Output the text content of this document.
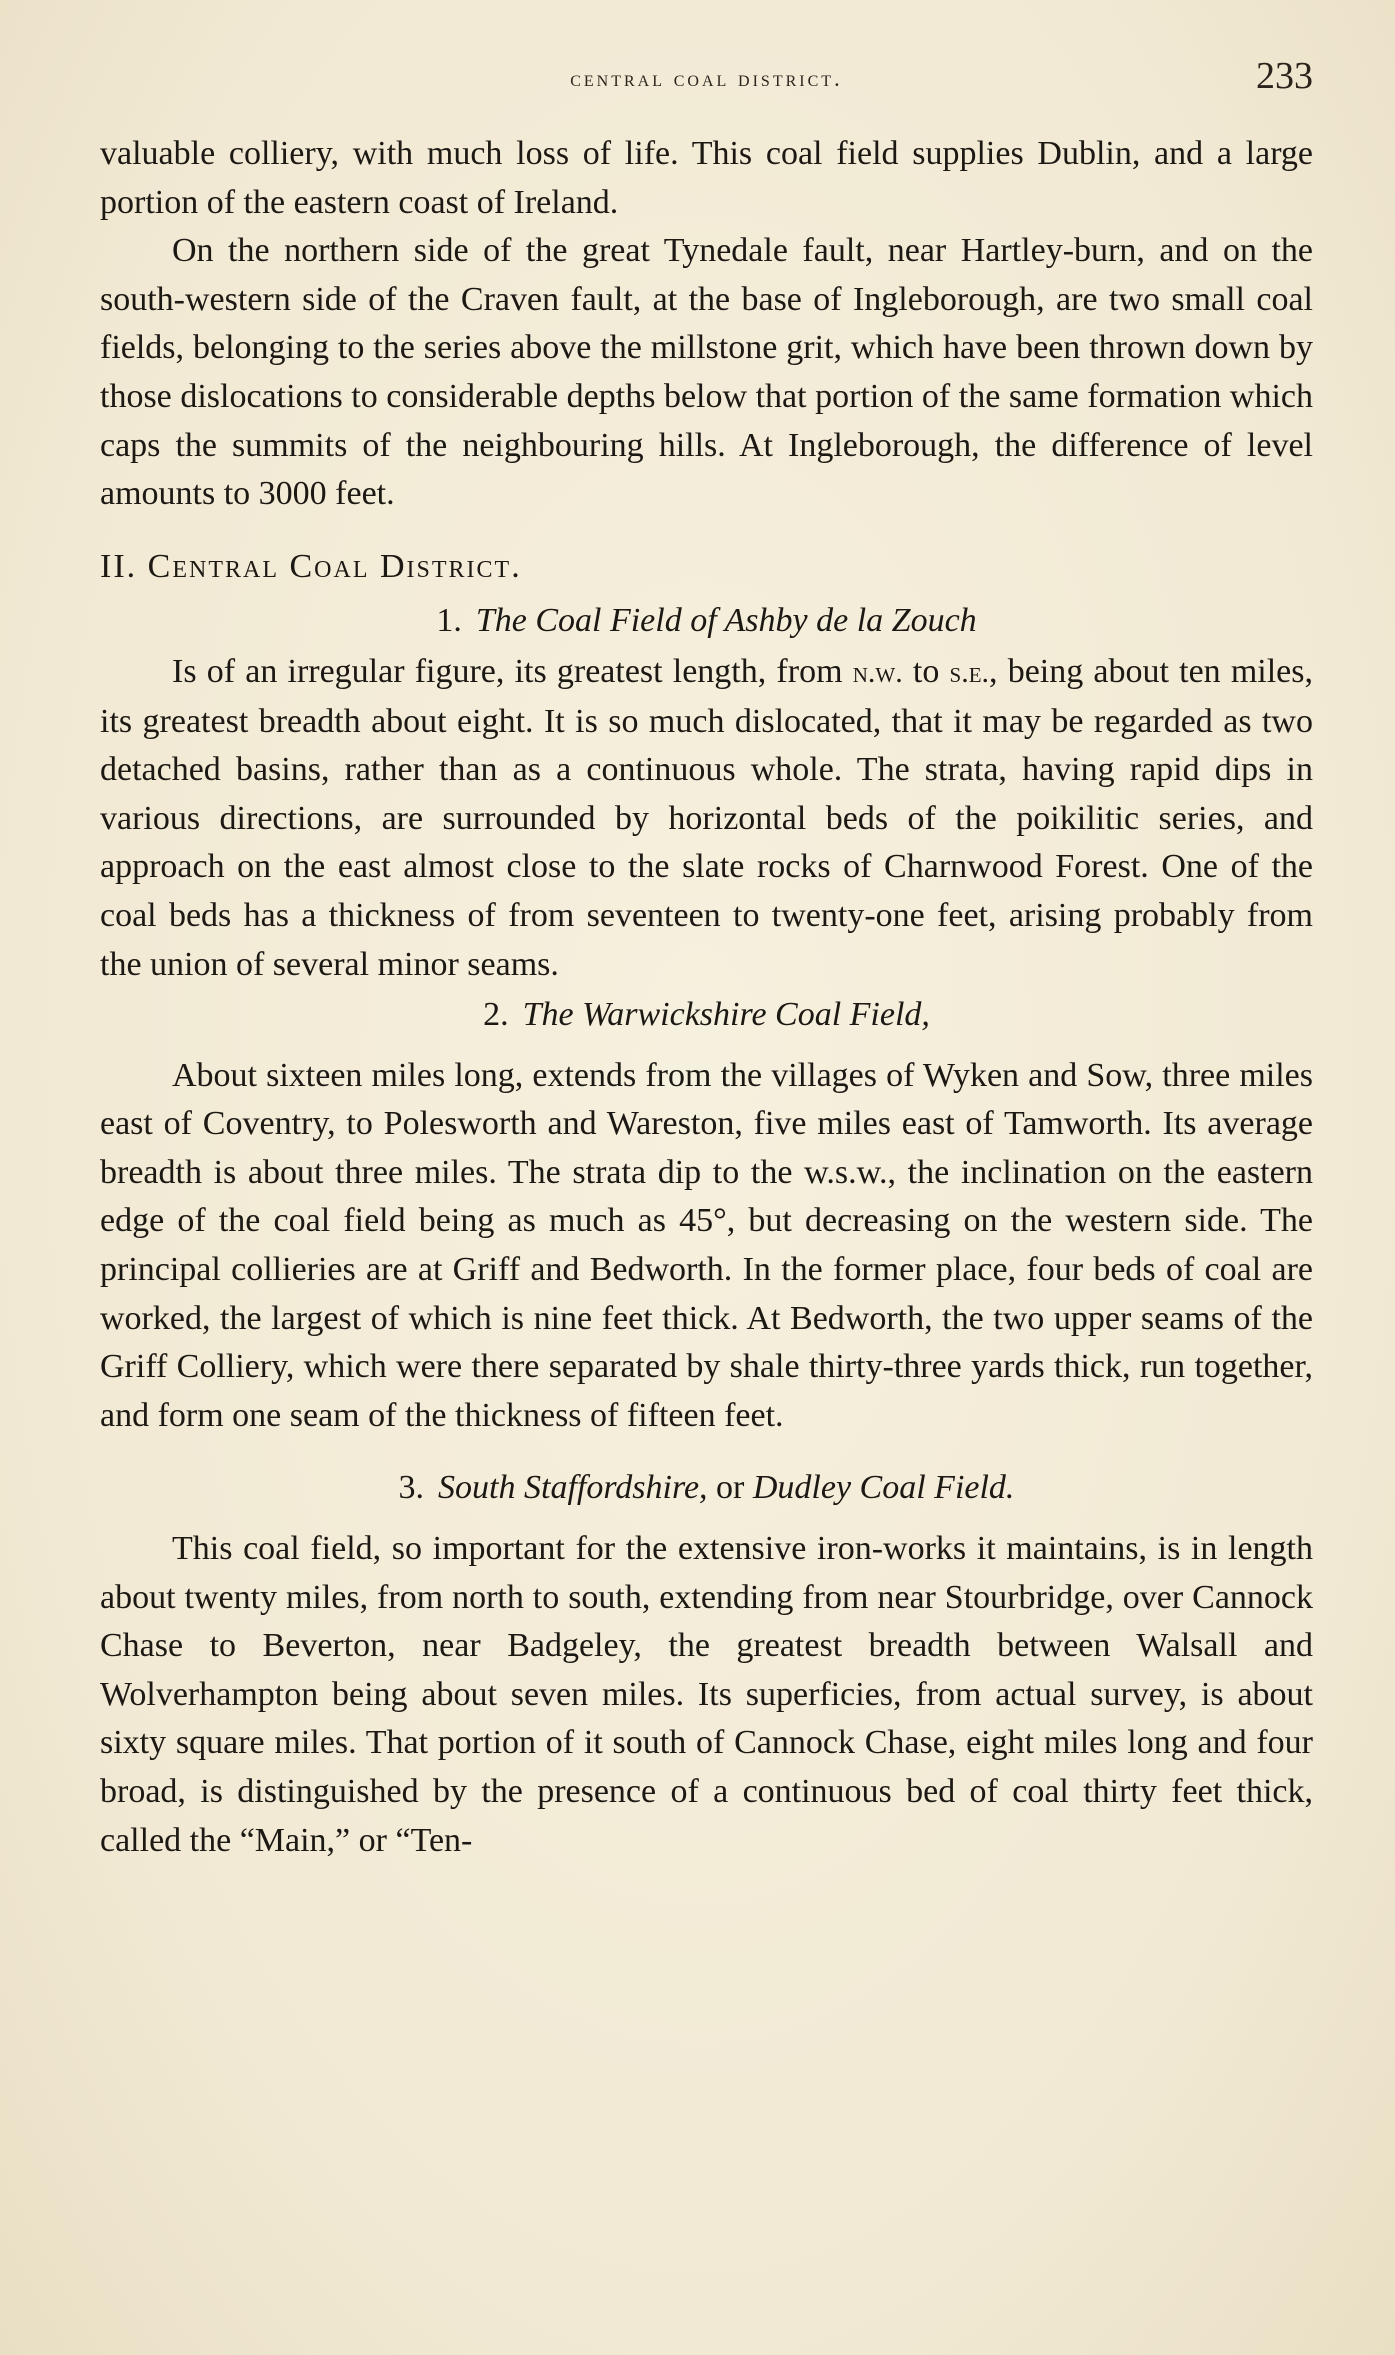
central coal district.	233

valuable colliery, with much loss of life. This coal field supplies Dublin, and a large portion of the eastern coast of Ireland.

On the northern side of the great Tynedale fault, near Hartley-burn, and on the south-western side of the Craven fault, at the base of Ingleborough, are two small coal fields, belonging to the series above the millstone grit, which have been thrown down by those dislocations to considerable depths below that portion of the same formation which caps the summits of the neighbouring hills. At Ingleborough, the difference of level amounts to 3000 feet.

II. Central Coal District.

1. The Coal Field of Ashby de la Zouch

Is of an irregular figure, its greatest length, from n.w. to s.e., being about ten miles, its greatest breadth about eight. It is so much dislocated, that it may be regarded as two detached basins, rather than as a continuous whole. The strata, having rapid dips in various directions, are surrounded by horizontal beds of the poikilitic series, and approach on the east almost close to the slate rocks of Charnwood Forest. One of the coal beds has a thickness of from seventeen to twenty-one feet, arising probably from the union of several minor seams.

2. The Warwickshire Coal Field,

About sixteen miles long, extends from the villages of Wyken and Sow, three miles east of Coventry, to Polesworth and Wareston, five miles east of Tamworth. Its average breadth is about three miles. The strata dip to the w.s.w., the inclination on the eastern edge of the coal field being as much as 45°, but decreasing on the western side. The principal collieries are at Griff and Bedworth. In the former place, four beds of coal are worked, the largest of which is nine feet thick. At Bedworth, the two upper seams of the Griff Colliery, which were there separated by shale thirty-three yards thick, run together, and form one seam of the thickness of fifteen feet.

3. South Staffordshire, or Dudley Coal Field.

This coal field, so important for the extensive iron-works it maintains, is in length about twenty miles, from north to south, extending from near Stourbridge, over Cannock Chase to Beverton, near Badgeley, the greatest breadth between Walsall and Wolverhampton being about seven miles. Its superficies, from actual survey, is about sixty square miles. That portion of it south of Cannock Chase, eight miles long and four broad, is distinguished by the presence of a continuous bed of coal thirty feet thick, called the “Main,” or “Ten-
